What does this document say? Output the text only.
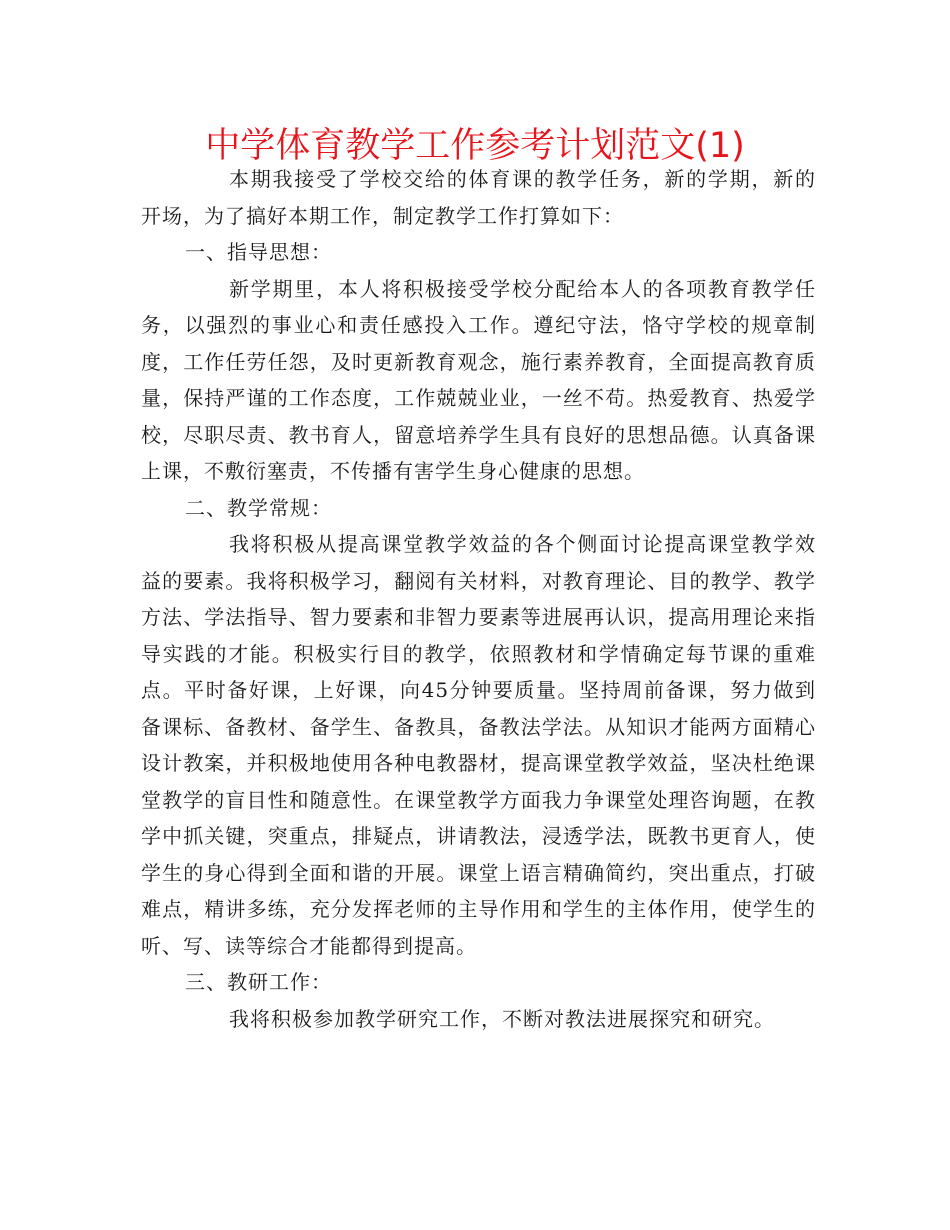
中学体育教学工作参考计划范文(1)

本期我接受了学校交给的体育课的教学任务，新的学期，新的开场，为了搞好本期工作，制定教学工作打算如下：

一、指导思想：

新学期里，本人将积极接受学校分配给本人的各项教育教学任务，以强烈的事业心和责任感投入工作。遵纪守法，恪守学校的规章制度，工作任劳任怨，及时更新教育观念，施行素养教育，全面提高教育质量，保持严谨的工作态度，工作兢兢业业，一丝不苟。热爱教育、热爱学校，尽职尽责、教书育人，留意培养学生具有良好的思想品德。认真备课上课，不敷衍塞责，不传播有害学生身心健康的思想。

二、教学常规：

我将积极从提高课堂教学效益的各个侧面讨论提高课堂教学效益的要素。我将积极学习，翻阅有关材料，对教育理论、目的教学、教学方法、学法指导、智力要素和非智力要素等进展再认识，提高用理论来指导实践的才能。积极实行目的教学，依照教材和学情确定每节课的重难点。平时备好课，上好课，向45分钟要质量。坚持周前备课，努力做到备课标、备教材、备学生、备教具，备教法学法。从知识才能两方面精心设计教案，并积极地使用各种电教器材，提高课堂教学效益，坚决杜绝课堂教学的盲目性和随意性。在课堂教学方面我力争课堂处理咨询题，在教学中抓关键，突重点，排疑点，讲请教法，浸透学法，既教书更育人，使学生的身心得到全面和谐的开展。课堂上语言精确简约，突出重点，打破难点，精讲多练，充分发挥老师的主导作用和学生的主体作用，使学生的听、写、读等综合才能都得到提高。

三、教研工作：

我将积极参加教学研究工作，不断对教法进展探究和研究。
